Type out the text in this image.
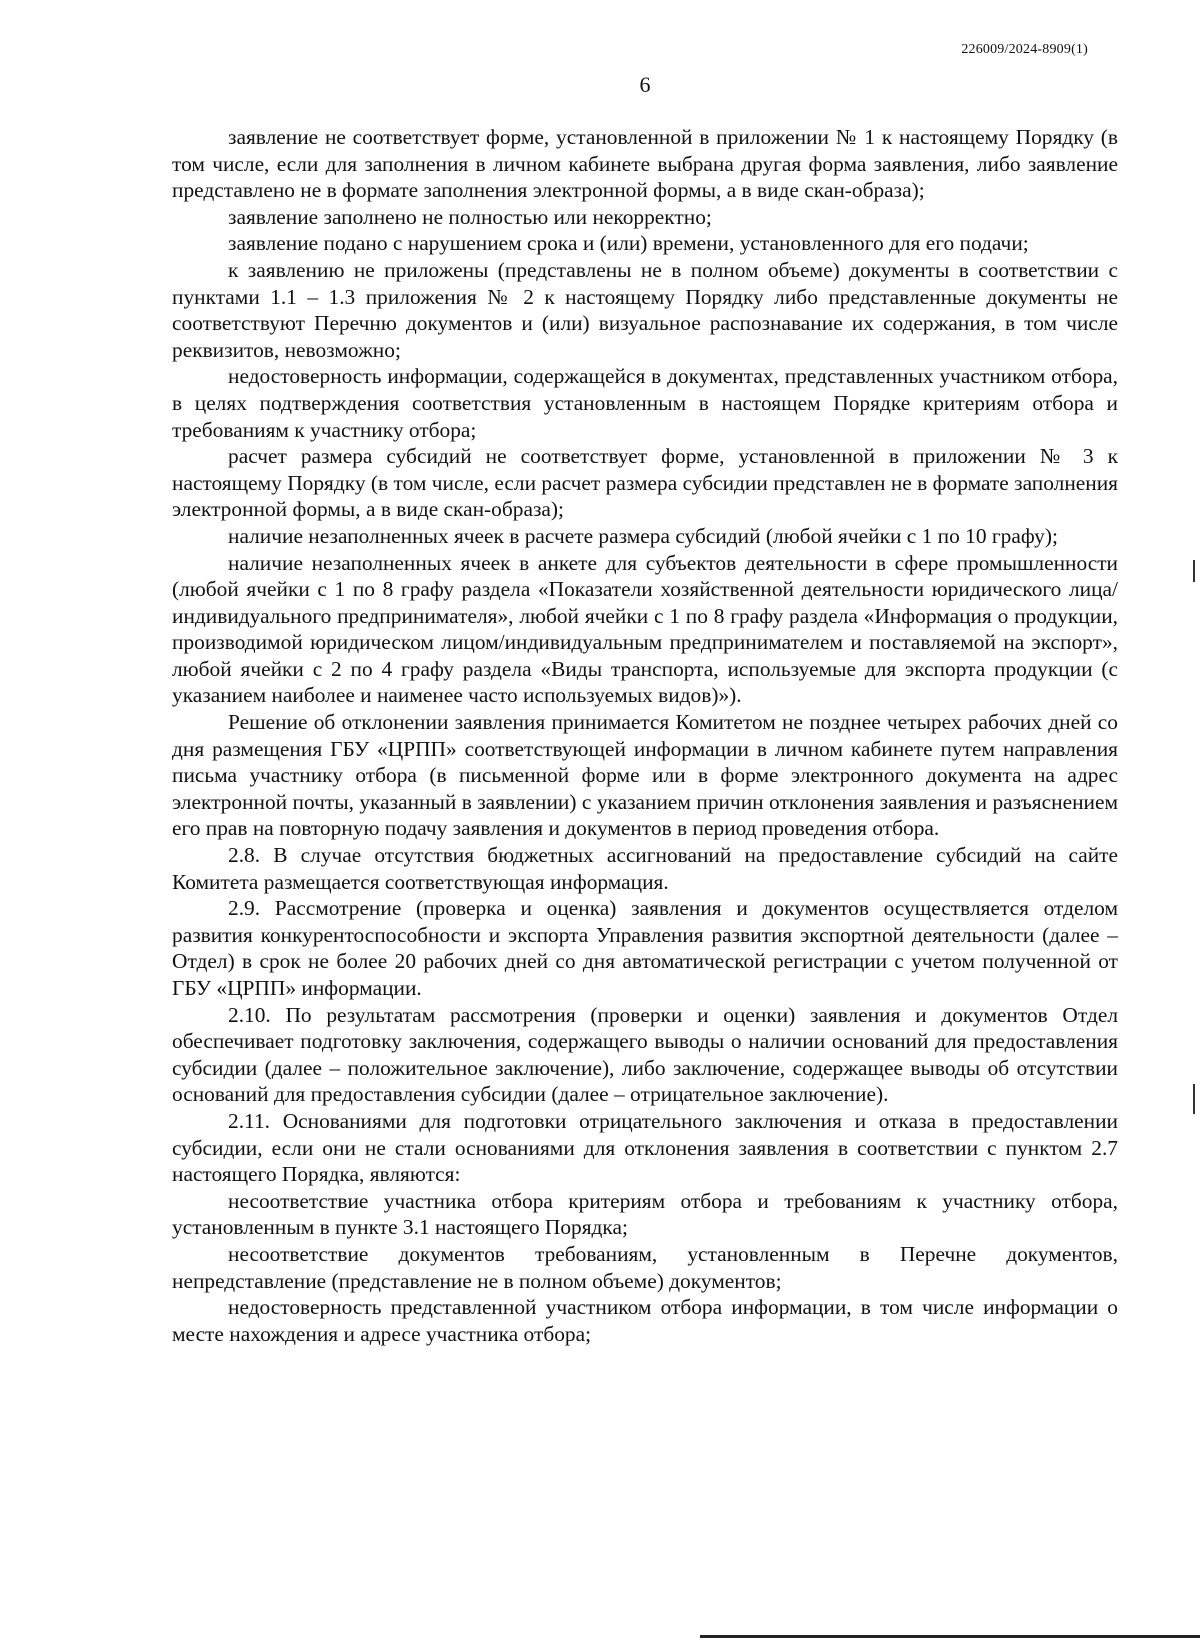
226009/2024-8909(1)
6

заявление не соответствует форме, установленной в приложении № 1 к настоящему Порядку (в том числе, если для заполнения в личном кабинете выбрана другая форма заявления, либо заявление представлено не в формате заполнения электронной формы, а в виде скан-образа);

заявление заполнено не полностью или некорректно;

заявление подано с нарушением срока и (или) времени, установленного для его подачи;

к заявлению не приложены (представлены не в полном объеме) документы в соответствии с пунктами 1.1 – 1.3 приложения № 2 к настоящему Порядку либо представленные документы не соответствуют Перечню документов и (или) визуальное распознавание их содержания, в том числе реквизитов, невозможно;

недостоверность информации, содержащейся в документах, представленных участником отбора, в целях подтверждения соответствия установленным в настоящем Порядке критериям отбора и требованиям к участнику отбора;

расчет размера субсидий не соответствует форме, установленной в приложении № 3 к настоящему Порядку (в том числе, если расчет размера субсидии представлен не в формате заполнения электронной формы, а в виде скан-образа);

наличие незаполненных ячеек в расчете размера субсидий (любой ячейки с 1 по 10 графу);

наличие незаполненных ячеек в анкете для субъектов деятельности в сфере промышленности (любой ячейки с 1 по 8 графу раздела «Показатели хозяйственной деятельности юридического лица/индивидуального предпринимателя», любой ячейки с 1 по 8 графу раздела «Информация о продукции, производимой юридическом лицом/индивидуальным предпринимателем и поставляемой на экспорт», любой ячейки с 2 по 4 графу раздела «Виды транспорта, используемые для экспорта продукции (с указанием наиболее и наименее часто используемых видов)»).

Решение об отклонении заявления принимается Комитетом не позднее четырех рабочих дней со дня размещения ГБУ «ЦРПП» соответствующей информации в личном кабинете путем направления письма участнику отбора (в письменной форме или в форме электронного документа на адрес электронной почты, указанный в заявлении) с указанием причин отклонения заявления и разъяснением его прав на повторную подачу заявления и документов в период проведения отбора.

2.8. В случае отсутствия бюджетных ассигнований на предоставление субсидий на сайте Комитета размещается соответствующая информация.

2.9. Рассмотрение (проверка и оценка) заявления и документов осуществляется отделом развития конкурентоспособности и экспорта Управления развития экспортной деятельности (далее – Отдел) в срок не более 20 рабочих дней со дня автоматической регистрации с учетом полученной от ГБУ «ЦРПП» информации.

2.10. По результатам рассмотрения (проверки и оценки) заявления и документов Отдел обеспечивает подготовку заключения, содержащего выводы о наличии оснований для предоставления субсидии (далее – положительное заключение), либо заключение, содержащее выводы об отсутствии оснований для предоставления субсидии (далее – отрицательное заключение).

2.11. Основаниями для подготовки отрицательного заключения и отказа в предоставлении субсидии, если они не стали основаниями для отклонения заявления в соответствии с пунктом 2.7 настоящего Порядка, являются:

несоответствие участника отбора критериям отбора и требованиям к участнику отбора, установленным в пункте 3.1 настоящего Порядка;

несоответствие документов требованиям, установленным в Перечне документов, непредставление (представление не в полном объеме) документов;

недостоверность представленной участником отбора информации, в том числе информации о месте нахождения и адресе участника отбора;
